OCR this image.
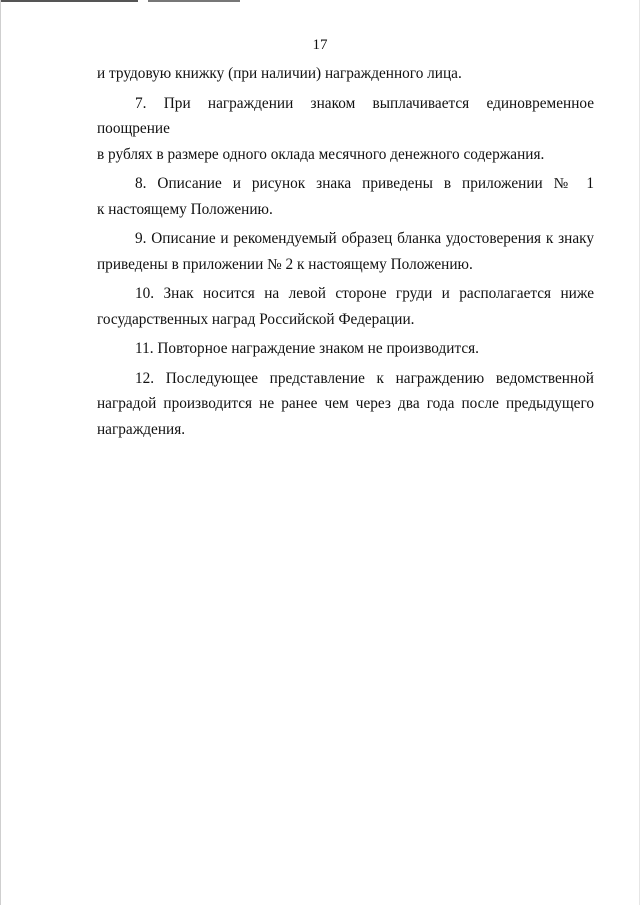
17
и трудовую книжку (при наличии) награжденного лица.
7. При награждении знаком выплачивается единовременное поощрение
в рублях в размере одного оклада месячного денежного содержания.
8. Описание и рисунок знака приведены в приложении № 1
к настоящему Положению.
9. Описание и рекомендуемый образец бланка удостоверения к знаку
приведены в приложении № 2 к настоящему Положению.
10. Знак носится на левой стороне груди и располагается ниже
государственных наград Российской Федерации.
11. Повторное награждение знаком не производится.
12. Последующее представление к награждению ведомственной
наградой производится не ранее чем через два года после предыдущего
награждения.
